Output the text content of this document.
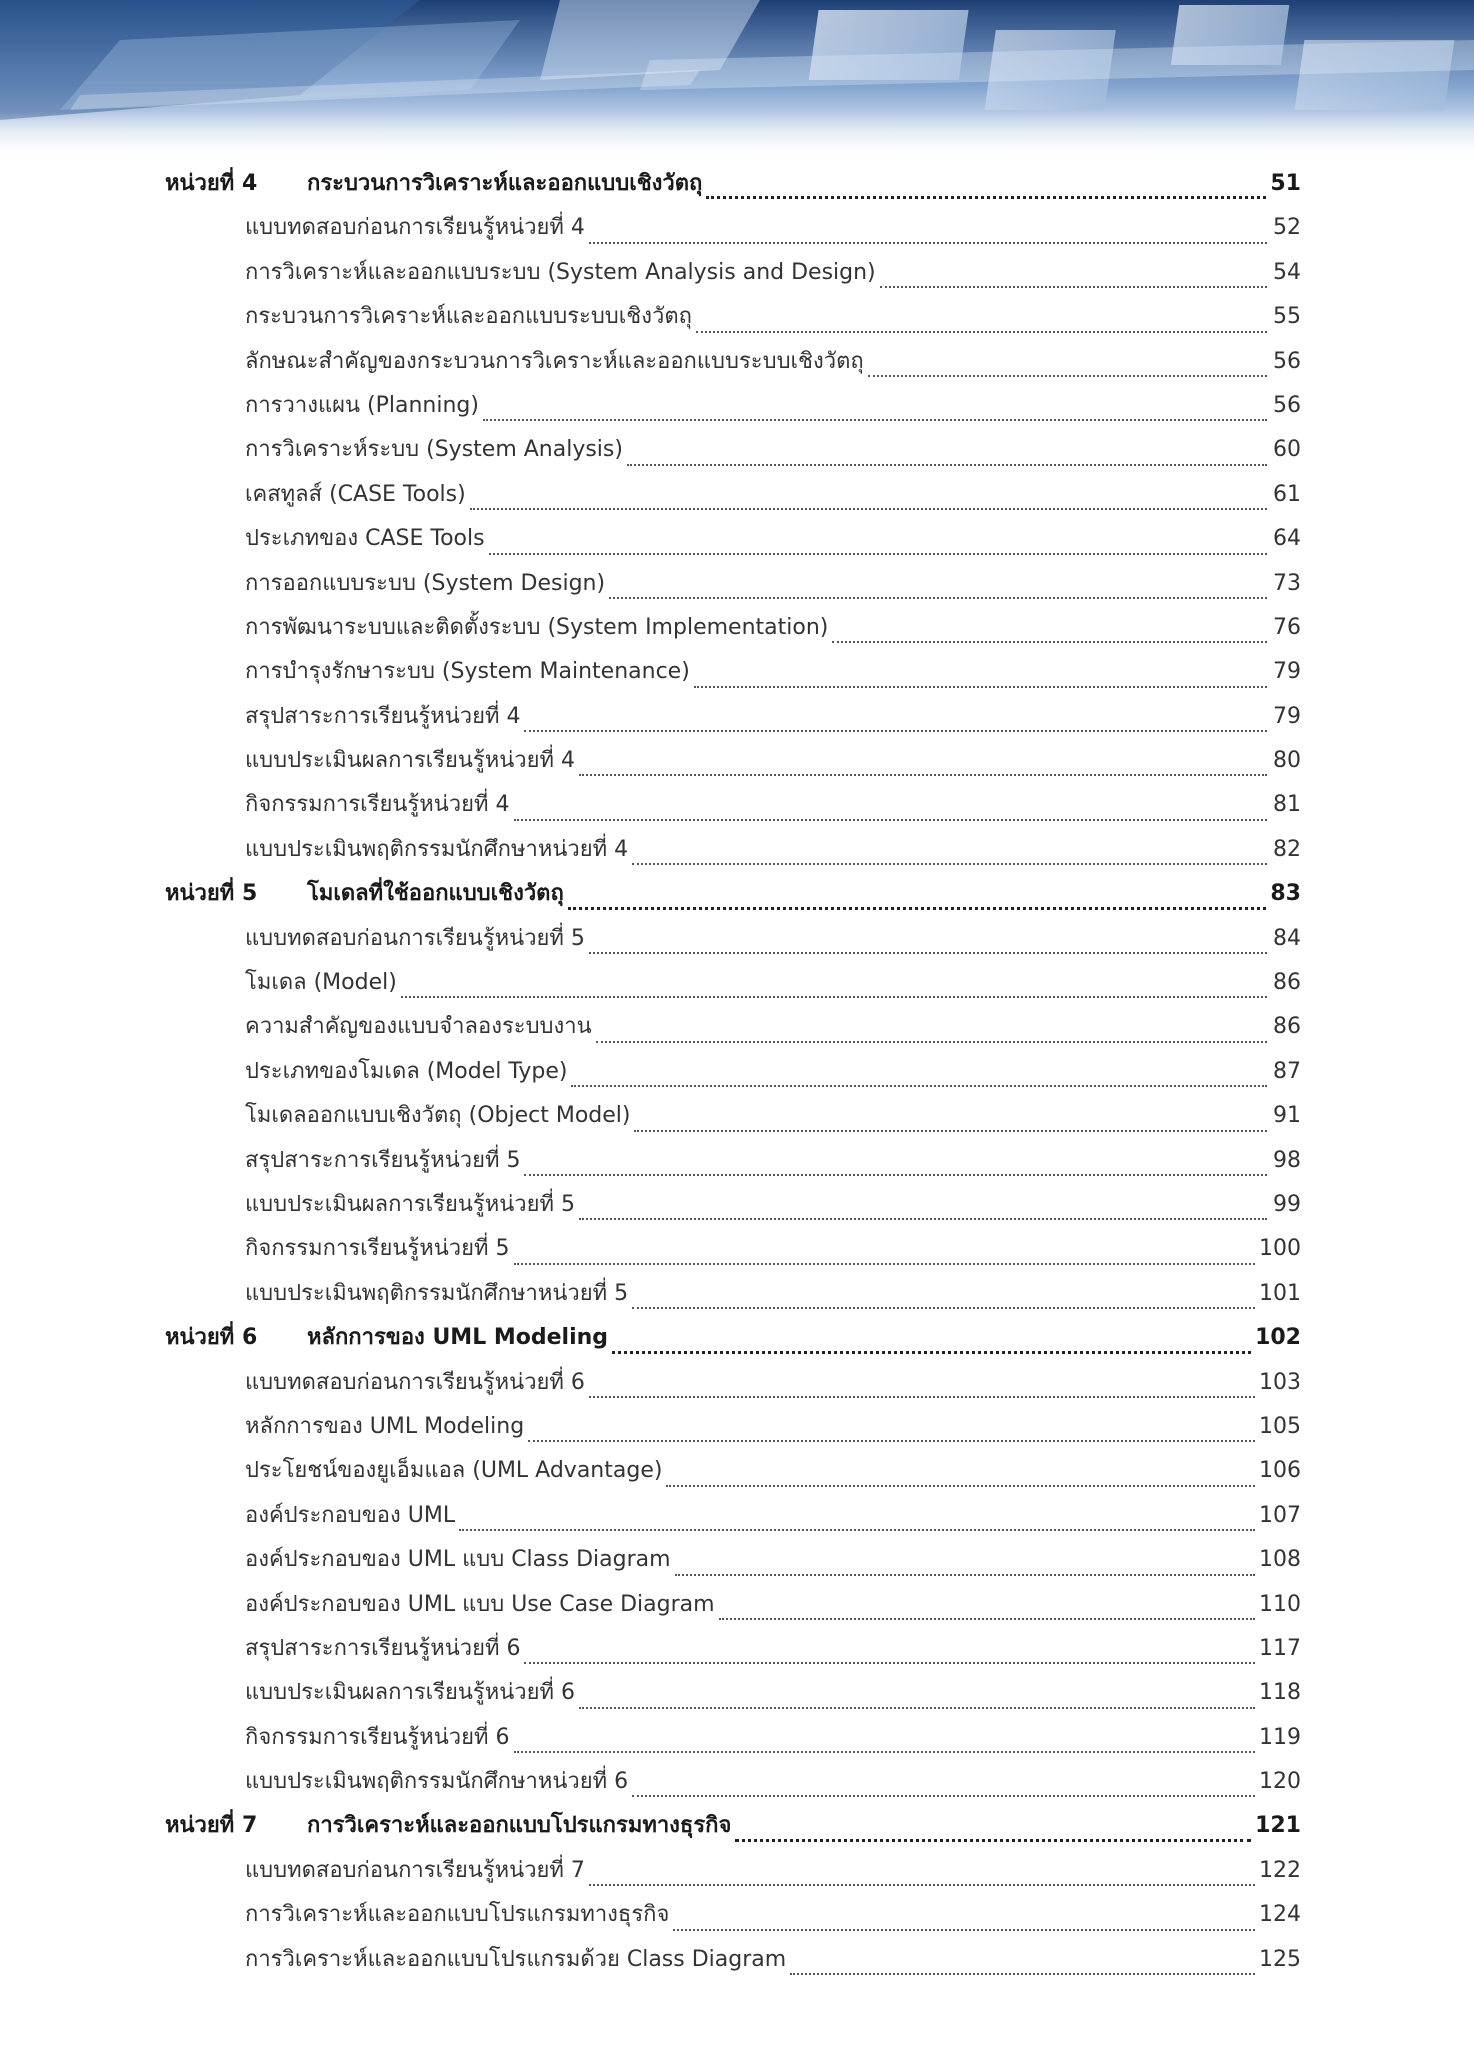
หน่วยที่ 4	กระบวนการวิเคราะห์และออกแบบเชิงวัตถุ	51
แบบทดสอบก่อนการเรียนรู้หน่วยที่ 4	52
การวิเคราะห์และออกแบบระบบ (System Analysis and Design)	54
กระบวนการวิเคราะห์และออกแบบระบบเชิงวัตถุ	55
ลักษณะสำคัญของกระบวนการวิเคราะห์และออกแบบระบบเชิงวัตถุ	56
การวางแผน (Planning)	56
การวิเคราะห์ระบบ (System Analysis)	60
เคสทูลส์ (CASE Tools)	61
ประเภทของ CASE Tools	64
การออกแบบระบบ (System Design)	73
การพัฒนาระบบและติดตั้งระบบ (System Implementation)	76
การบำรุงรักษาระบบ (System Maintenance)	79
สรุปสาระการเรียนรู้หน่วยที่ 4	79
แบบประเมินผลการเรียนรู้หน่วยที่ 4	80
กิจกรรมการเรียนรู้หน่วยที่ 4	81
แบบประเมินพฤติกรรมนักศึกษาหน่วยที่ 4	82
หน่วยที่ 5	โมเดลที่ใช้ออกแบบเชิงวัตถุ	83
แบบทดสอบก่อนการเรียนรู้หน่วยที่ 5	84
โมเดล (Model)	86
ความสำคัญของแบบจำลองระบบงาน	86
ประเภทของโมเดล (Model Type)	87
โมเดลออกแบบเชิงวัตถุ (Object Model)	91
สรุปสาระการเรียนรู้หน่วยที่ 5	98
แบบประเมินผลการเรียนรู้หน่วยที่ 5	99
กิจกรรมการเรียนรู้หน่วยที่ 5	100
แบบประเมินพฤติกรรมนักศึกษาหน่วยที่ 5	101
หน่วยที่ 6	หลักการของ UML Modeling	102
แบบทดสอบก่อนการเรียนรู้หน่วยที่ 6	103
หลักการของ UML Modeling	105
ประโยชน์ของยูเอ็มแอล (UML Advantage)	106
องค์ประกอบของ UML	107
องค์ประกอบของ UML แบบ Class Diagram	108
องค์ประกอบของ UML แบบ Use Case Diagram	110
สรุปสาระการเรียนรู้หน่วยที่ 6	117
แบบประเมินผลการเรียนรู้หน่วยที่ 6	118
กิจกรรมการเรียนรู้หน่วยที่ 6	119
แบบประเมินพฤติกรรมนักศึกษาหน่วยที่ 6	120
หน่วยที่ 7	การวิเคราะห์และออกแบบโปรแกรมทางธุรกิจ	121
แบบทดสอบก่อนการเรียนรู้หน่วยที่ 7	122
การวิเคราะห์และออกแบบโปรแกรมทางธุรกิจ	124
การวิเคราะห์และออกแบบโปรแกรมด้วย Class Diagram	125
